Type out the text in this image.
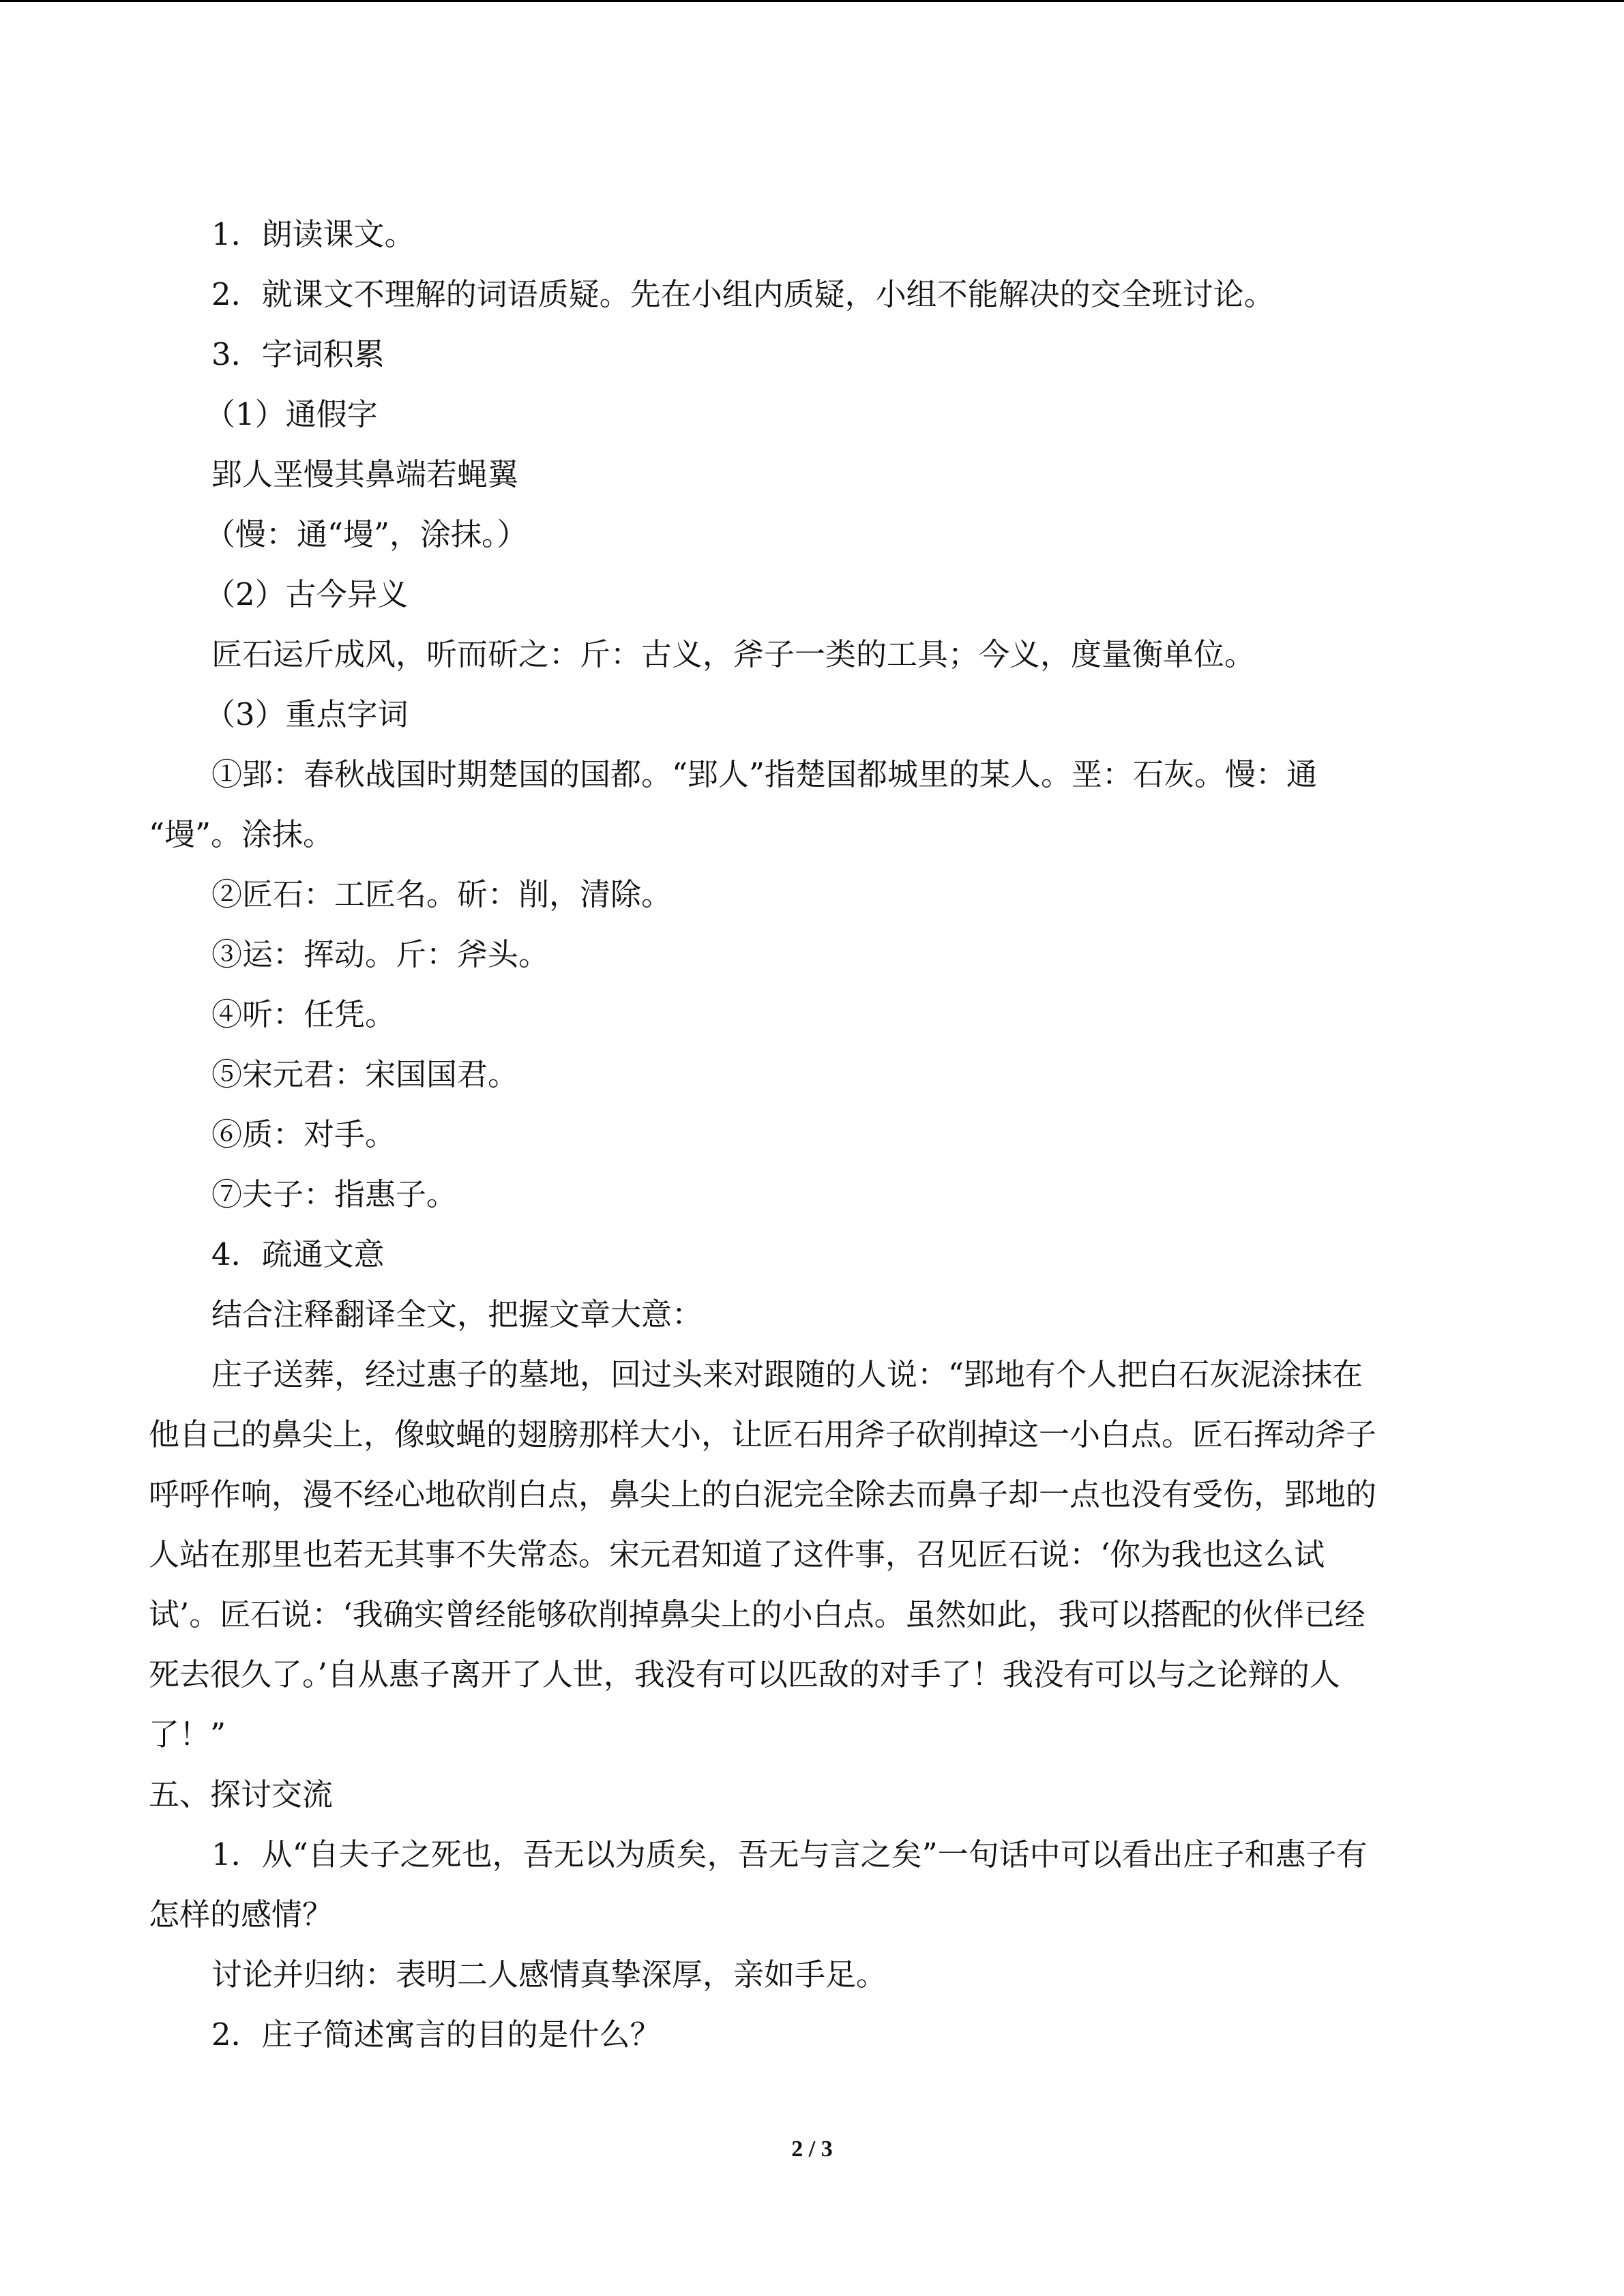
1．朗读课文。

2．就课文不理解的词语质疑。先在小组内质疑，小组不能解决的交全班讨论。

3．字词积累

（1）通假字

郢人垩慢其鼻端若蝇翼

（慢：通“墁”，涂抹。）

（2）古今异义

匠石运斤成风，听而斫之：斤：古义，斧子一类的工具；今义，度量衡单位。

（3）重点字词

①郢：春秋战国时期楚国的国都。“郢人”指楚国都城里的某人。垩：石灰。慢：通

“墁”。涂抹。

②匠石：工匠名。斫：削，清除。

③运：挥动。斤：斧头。

④听：任凭。

⑤宋元君：宋国国君。

⑥质：对手。

⑦夫子：指惠子。

4．疏通文意

结合注释翻译全文，把握文章大意：

庄子送葬，经过惠子的墓地，回过头来对跟随的人说：“郢地有个人把白石灰泥涂抹在

他自己的鼻尖上，像蚊蝇的翅膀那样大小，让匠石用斧子砍削掉这一小白点。匠石挥动斧子

呼呼作响，漫不经心地砍削白点，鼻尖上的白泥完全除去而鼻子却一点也没有受伤，郢地的

人站在那里也若无其事不失常态。宋元君知道了这件事，召见匠石说：‘你为我也这么试

试’。匠石说：‘我确实曾经能够砍削掉鼻尖上的小白点。虽然如此，我可以搭配的伙伴已经

死去很久了。’自从惠子离开了人世，我没有可以匹敌的对手了！我没有可以与之论辩的人

了！”

五、探讨交流

1．从“自夫子之死也，吾无以为质矣，吾无与言之矣”一句话中可以看出庄子和惠子有

怎样的感情？

讨论并归纳：表明二人感情真挚深厚，亲如手足。

2．庄子简述寓言的目的是什么？

2 / 3
